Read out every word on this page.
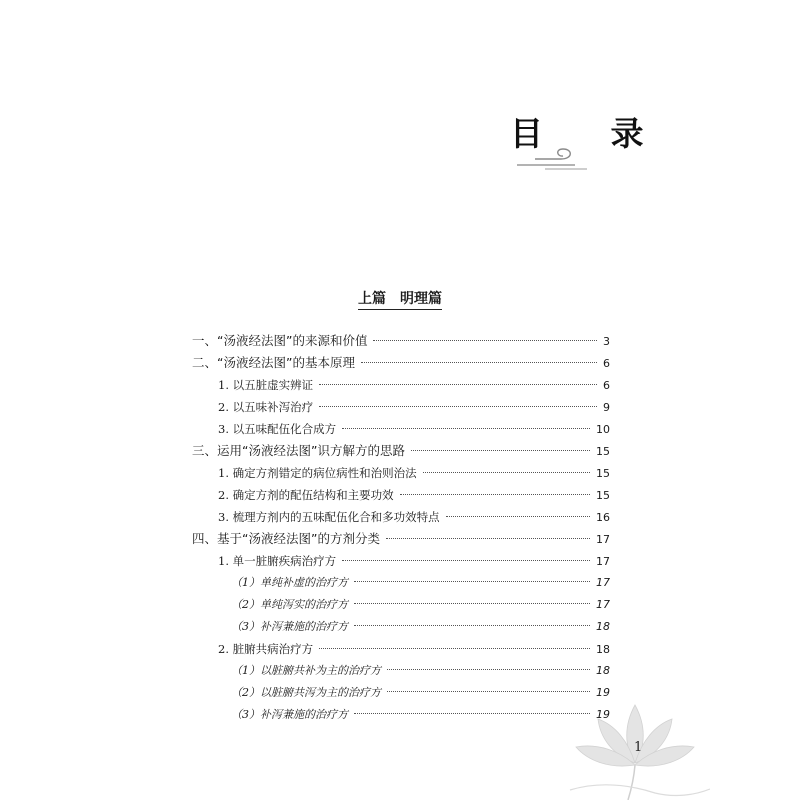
目 录
上篇　明理篇
一、“汤液经法图”的来源和价值	3
二、“汤液经法图”的基本原理	6
1. 以五脏虚实辨证	6
2. 以五味补泻治疗	9
3. 以五味配伍化合成方	10
三、运用“汤液经法图”识方解方的思路	15
1. 确定方剂错定的病位病性和治则治法	15
2. 确定方剂的配伍结构和主要功效	15
3. 梳理方剂内的五味配伍化合和多功效特点	16
四、基于“汤液经法图”的方剂分类	17
1. 单一脏腑疾病治疗方	17
（1）单纯补虚的治疗方	17
（2）单纯泻实的治疗方	17
（3）补泻兼施的治疗方	18
2. 脏腑共病治疗方	18
（1）以脏腑共补为主的治疗方	18
（2）以脏腑共泻为主的治疗方	19
（3）补泻兼施的治疗方	19
1
